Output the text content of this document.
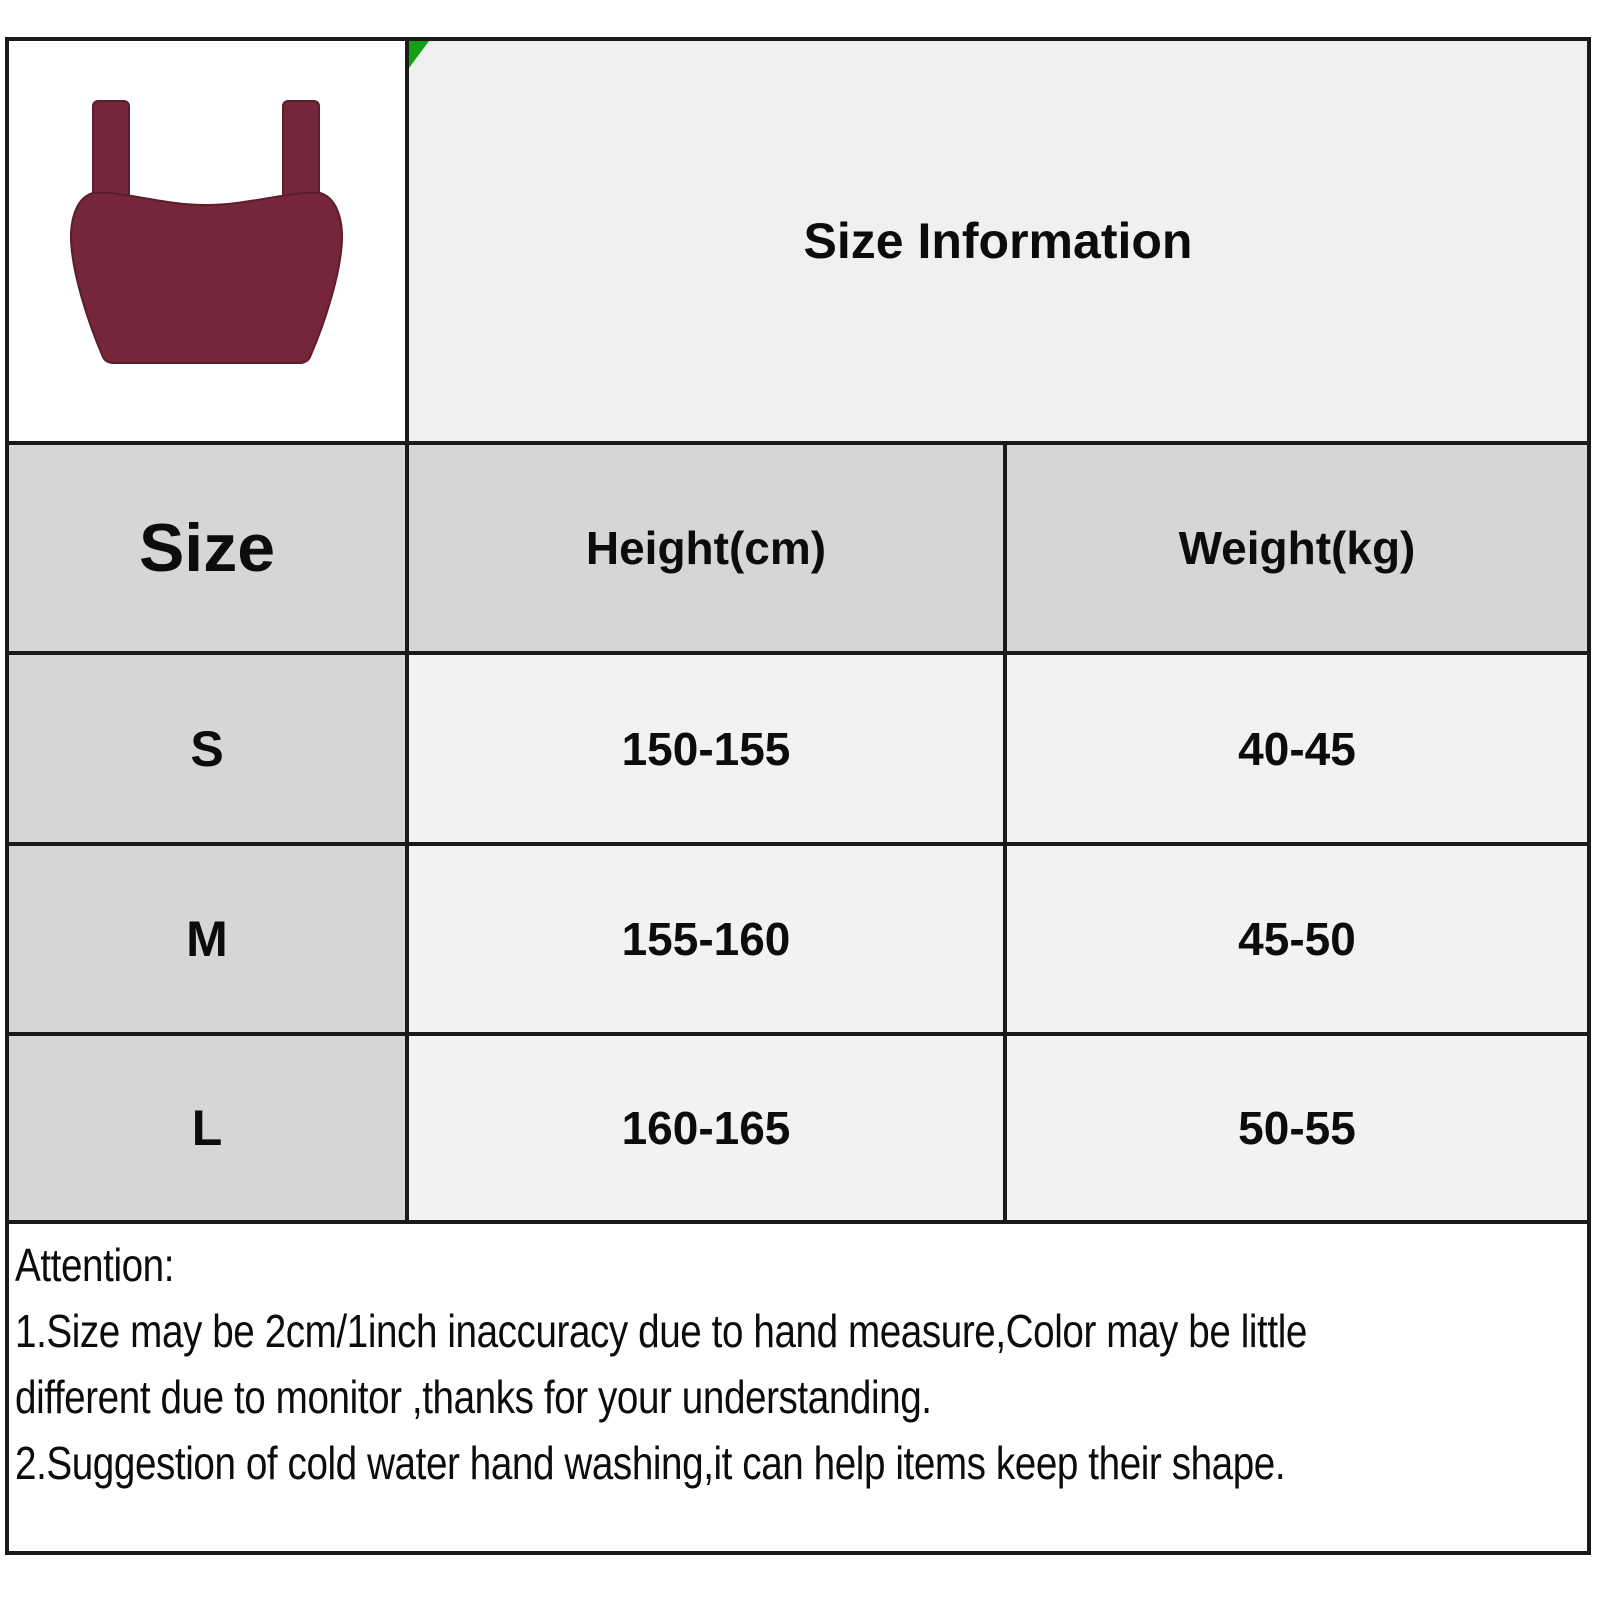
Size Information
Size	Height(cm)	Weight(kg)
S	150-155	40-45
M	155-160	45-50
L	160-165	50-55
Attention:
1.Size may be 2cm/1inch inaccuracy due to hand measure,Color may be little
different due to monitor ,thanks for your understanding.
2.Suggestion of cold water hand washing,it can help items keep their shape.
